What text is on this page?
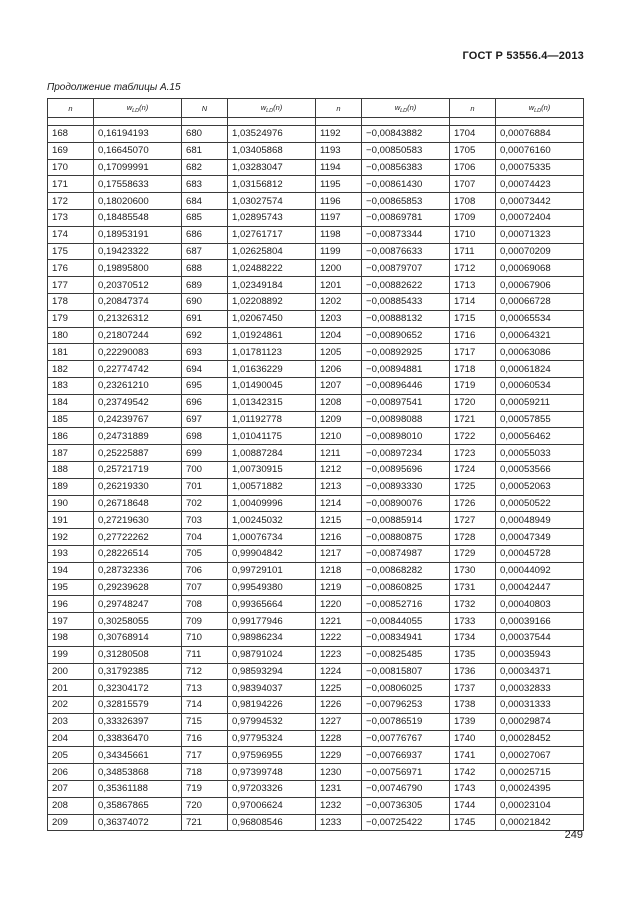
ГОСТ Р 53556.4—2013
Продолжение таблицы А.15
n	$w_{LD}(n)$	N	$w_{LD}(n)$	n	$w_{LD}(n)$	n	$w_{LD}(n)$

168	0,16194193	680	1,03524976	1192	−0,00843882	1704	0,00076884
169	0,16645070	681	1,03405868	1193	−0,00850583	1705	0,00076160
170	0,17099991	682	1,03283047	1194	−0,00856383	1706	0,00075335
171	0,17558633	683	1,03156812	1195	−0,00861430	1707	0,00074423
172	0,18020600	684	1,03027574	1196	−0,00865853	1708	0,00073442
173	0,18485548	685	1,02895743	1197	−0,00869781	1709	0,00072404
174	0,18953191	686	1,02761717	1198	−0,00873344	1710	0,00071323
175	0,19423322	687	1,02625804	1199	−0,00876633	1711	0,00070209
176	0,19895800	688	1,02488222	1200	−0,00879707	1712	0,00069068
177	0,20370512	689	1,02349184	1201	−0,00882622	1713	0,00067906
178	0,20847374	690	1,02208892	1202	−0,00885433	1714	0,00066728
179	0,21326312	691	1,02067450	1203	−0,00888132	1715	0,00065534
180	0,21807244	692	1,01924861	1204	−0,00890652	1716	0,00064321
181	0,22290083	693	1,01781123	1205	−0,00892925	1717	0,00063086
182	0,22774742	694	1,01636229	1206	−0,00894881	1718	0,00061824
183	0,23261210	695	1,01490045	1207	−0,00896446	1719	0,00060534
184	0,23749542	696	1,01342315	1208	−0,00897541	1720	0,00059211
185	0,24239767	697	1,01192778	1209	−0,00898088	1721	0,00057855
186	0,24731889	698	1,01041175	1210	−0,00898010	1722	0,00056462
187	0,25225887	699	1,00887284	1211	−0,00897234	1723	0,00055033
188	0,25721719	700	1,00730915	1212	−0,00895696	1724	0,00053566
189	0,26219330	701	1,00571882	1213	−0,00893330	1725	0,00052063
190	0,26718648	702	1,00409996	1214	−0,00890076	1726	0,00050522
191	0,27219630	703	1,00245032	1215	−0,00885914	1727	0,00048949
192	0,27722262	704	1,00076734	1216	−0,00880875	1728	0,00047349
193	0,28226514	705	0,99904842	1217	−0,00874987	1729	0,00045728
194	0,28732336	706	0,99729101	1218	−0,00868282	1730	0,00044092
195	0,29239628	707	0,99549380	1219	−0,00860825	1731	0,00042447
196	0,29748247	708	0,99365664	1220	−0,00852716	1732	0,00040803
197	0,30258055	709	0,99177946	1221	−0,00844055	1733	0,00039166
198	0,30768914	710	0,98986234	1222	−0,00834941	1734	0,00037544
199	0,31280508	711	0,98791024	1223	−0,00825485	1735	0,00035943
200	0,31792385	712	0,98593294	1224	−0,00815807	1736	0,00034371
201	0,32304172	713	0,98394037	1225	−0,00806025	1737	0,00032833
202	0,32815579	714	0,98194226	1226	−0,00796253	1738	0,00031333
203	0,33326397	715	0,97994532	1227	−0,00786519	1739	0,00029874
204	0,33836470	716	0,97795324	1228	−0,00776767	1740	0,00028452
205	0,34345661	717	0,97596955	1229	−0,00766937	1741	0,00027067
206	0,34853868	718	0,97399748	1230	−0,00756971	1742	0,00025715
207	0,35361188	719	0,97203326	1231	−0,00746790	1743	0,00024395
208	0,35867865	720	0,97006624	1232	−0,00736305	1744	0,00023104
209	0,36374072	721	0,96808546	1233	−0,00725422	1745	0,00021842
249
